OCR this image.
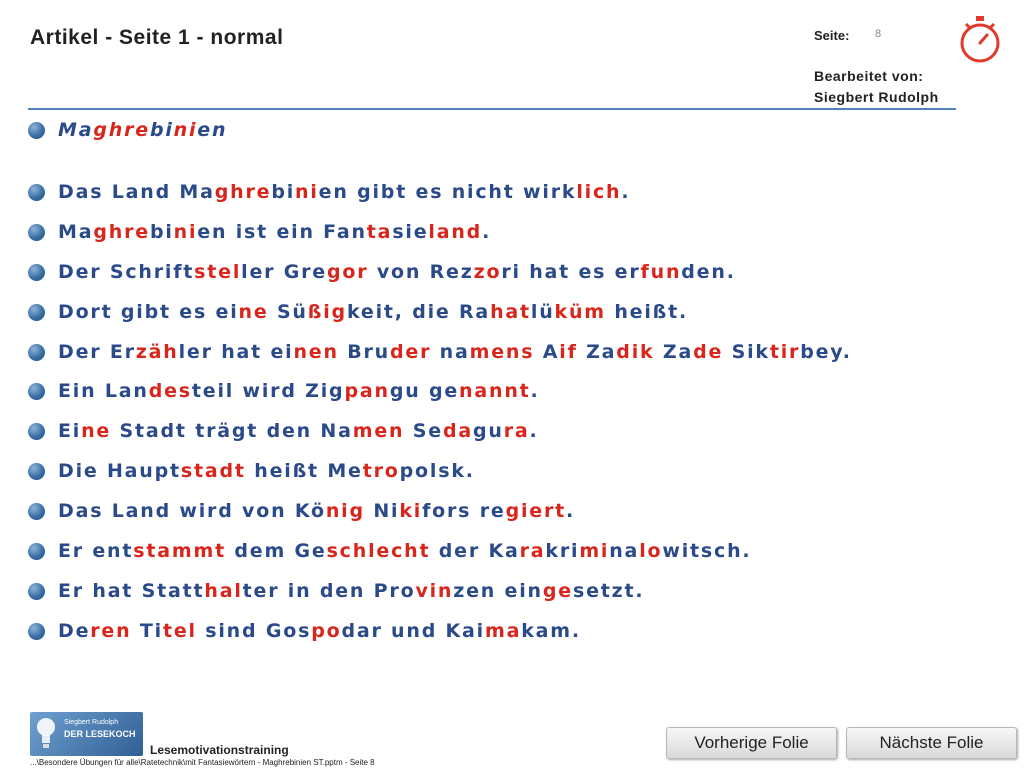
Artikel - Seite 1 - normal	Seite: 8
Bearbeitet von:
Siegbert Rudolph
Maghrebinien
Das Land Maghrebinien gibt es nicht wirklich.
Maghrebinien ist ein Fantasieland.
Der Schriftsteller Gregor von Rezzori hat es erfunden.
Dort gibt es eine Süßigkeit, die Rahatlüküm heißt.
Der Erzähler hat einen Bruder namens Aif Zadik Zade Siktirbey.
Ein Landesteil wird Zigpangu genannt.
Eine Stadt trägt den Namen Sedagura.
Die Hauptstadt heißt Metropolsk.
Das Land wird von König Nikifors regiert.
Er entstammt dem Geschlecht der Karakriminalowitsch.
Er hat Statthalter in den Provinzen eingesetzt.
Deren Titel sind Gospodar und Kaimakam.
Siegbert Rudolph
DER LESEKOCH
Lesemotivationstraining
...\Besondere Übungen für alle\Ratetechnik\mit Fantasiewörtern - Maghrebinien ST.pptm - Seite 8
Vorherige Folie	Nächste Folie
